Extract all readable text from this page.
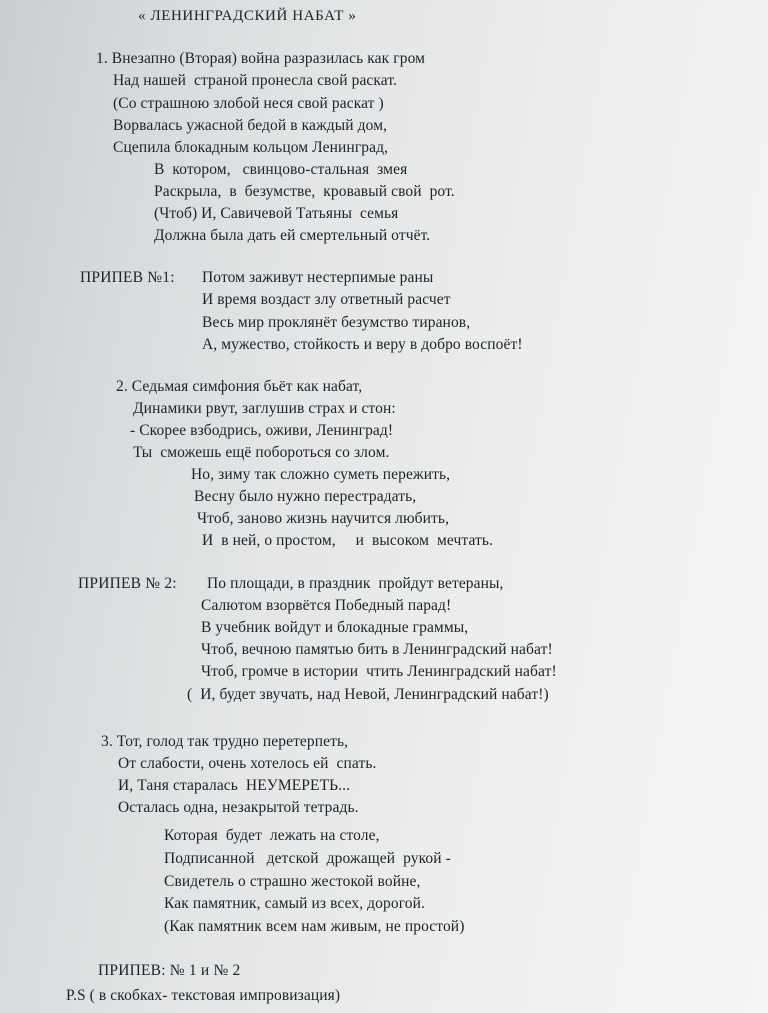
« ЛЕНИНГРАДСКИЙ НАБАТ »
1. Внезапно (Вторая) война разразилась как гром
Над нашей  страной пронесла свой раскат.
(Со страшною злобой неся свой раскат )
Ворвалась ужасной бедой в каждый дом,
Сцепила блокадным кольцом Ленинград,
В  котором,   свинцово-стальная  змея
Раскрыла,  в  безумстве,  кровавый свой  рот.
(Чтоб) И, Савичевой Татьяны  семья
Должна была дать ей смертельный отчёт.
ПРИПЕВ №1: Потом заживут нестерпимые раны
И время воздаст злу ответный расчет
Весь мир проклянёт безумство тиранов,
А, мужество, стойкость и веру в добро воспоёт!
2. Седьмая симфония бьёт как набат,
Динамики рвут, заглушив страх и стон:
- Скорее взбодрись, оживи, Ленинград!
Ты  сможешь ещё побороться со злом.
Но, зиму так сложно суметь пережить,
Весну было нужно перестрадать,
Чтоб, заново жизнь научится любить,
И  в ней, о простом,     и  высоком  мечтать.
ПРИПЕВ № 2: По площади, в праздник  пройдут ветераны,
Салютом взорвётся Победный парад!
В учебник войдут и блокадные граммы,
Чтоб, вечною памятью бить в Ленинградский набат!
Чтоб, громче в истории  чтить Ленинградский набат!
(  И, будет звучать, над Невой, Ленинградский набат!)
3. Тот, голод так трудно перетерпеть,
От слабости, очень хотелось ей  спать.
И, Таня старалась  НЕУМЕРЕТЬ...
Осталась одна, незакрытой тетрадь.
Которая  будет  лежать на столе,
Подписанной   детской  дрожащей  рукой -
Свидетель о страшно жестокой войне,
Как памятник, самый из всех, дорогой.
(Как памятник всем нам живым, не простой)
ПРИПЕВ: № 1 и № 2
P.S ( в скобках- текстовая импровизация)
